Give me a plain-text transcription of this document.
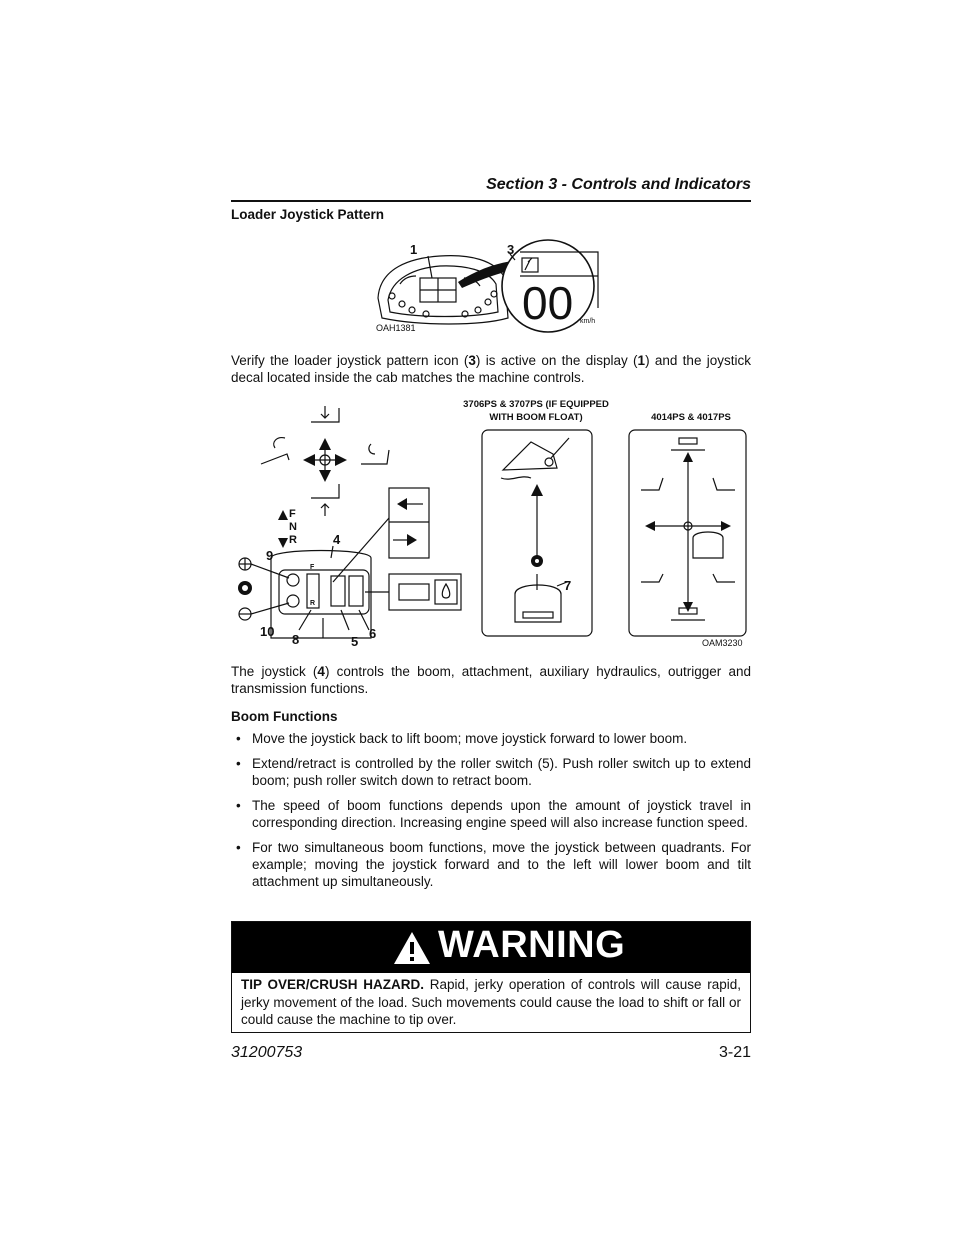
Section 3 - Controls and Indicators
Loader Joystick Pattern
1	3
00 km/h
OAH1381
Verify the loader joystick pattern icon (3) is active on the display (1) and the joystick decal located inside the cab matches the machine controls.
3706PS & 3707PS (IF EQUIPPED
WITH BOOM FLOAT)	4014PS & 4017PS
F
N
R
F
R
4
9
10
8	5
6
7
OAM3230
The joystick (4) controls the boom, attachment, auxiliary hydraulics, outrigger and transmission functions.
Boom Functions
• Move the joystick back to lift boom; move joystick forward to lower boom.
• Extend/retract is controlled by the roller switch (5). Push roller switch up to extend boom; push roller switch down to retract boom.
• The speed of boom functions depends upon the amount of joystick travel in corresponding direction. Increasing engine speed will also increase function speed.
• For two simultaneous boom functions, move the joystick between quadrants. For example; moving the joystick forward and to the left will lower boom and tilt attachment up simultaneously.
WARNING
TIP OVER/CRUSH HAZARD. Rapid, jerky operation of controls will cause rapid, jerky movement of the load. Such movements could cause the load to shift or fall or could cause the machine to tip over.
31200753	3-21
